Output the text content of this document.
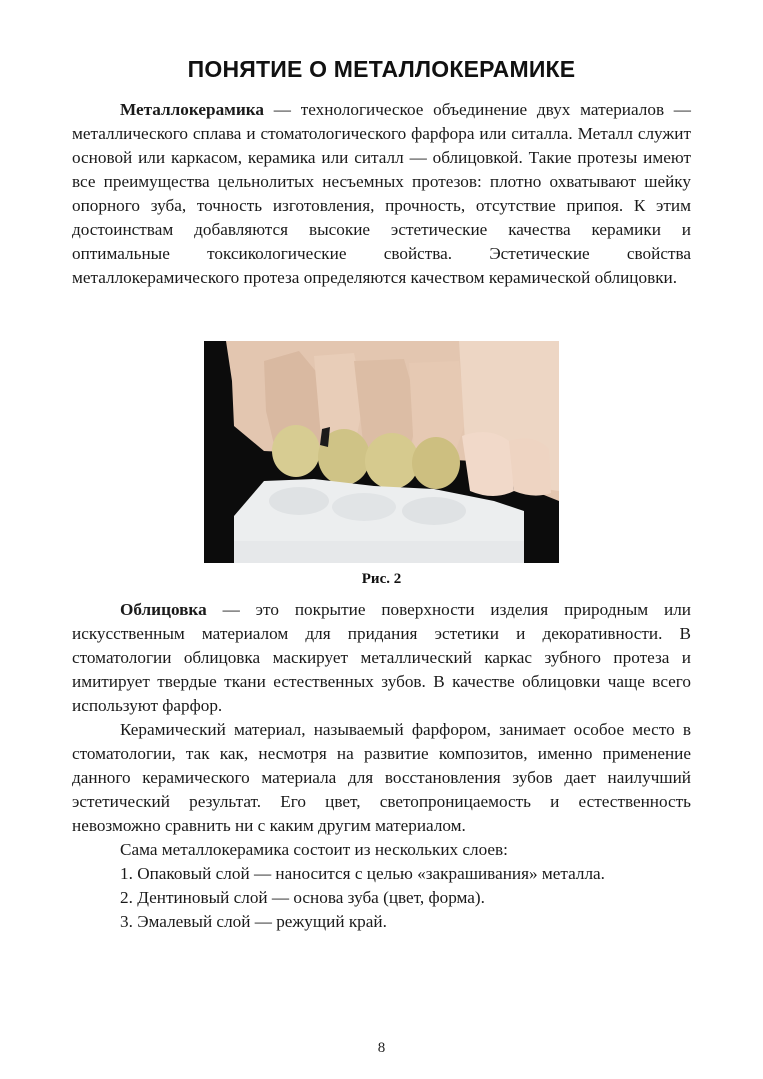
ПОНЯТИЕ О МЕТАЛЛОКЕРАМИКЕ

Металлокерамика — технологическое объединение двух материалов — металлического сплава и стоматологического фарфора или ситалла. Металл служит основой или каркасом, керамика или ситалл — облицовкой. Такие протезы имеют все преимущества цельнолитых несъемных протезов: плотно охватывают шейку опорного зуба, точность изготовления, прочность, отсутствие припоя. К этим достоинствам добавляются высокие эстетические качества керамики и оптимальные токсикологические свойства. Эстетические свойства металлокерамического протеза определяются качеством керамической облицовки.

Рис. 2

Облицовка — это покрытие поверхности изделия природным или искусственным материалом для придания эстетики и декоративности. В стоматологии облицовка маскирует металлический каркас зубного протеза и имитирует твердые ткани естественных зубов. В качестве облицовки чаще всего используют фарфор.

Керамический материал, называемый фарфором, занимает особое место в стоматологии, так как, несмотря на развитие композитов, именно применение данного керамического материала для восстановления зубов дает наилучший эстетический результат. Его цвет, светопроницаемость и естественность невозможно сравнить ни с каким другим материалом.

Сама металлокерамика состоит из нескольких слоев:

1. Опаковый слой — наносится с целью «закрашивания» металла.

2. Дентиновый слой — основа зуба (цвет, форма).

3. Эмалевый слой — режущий край.

8
